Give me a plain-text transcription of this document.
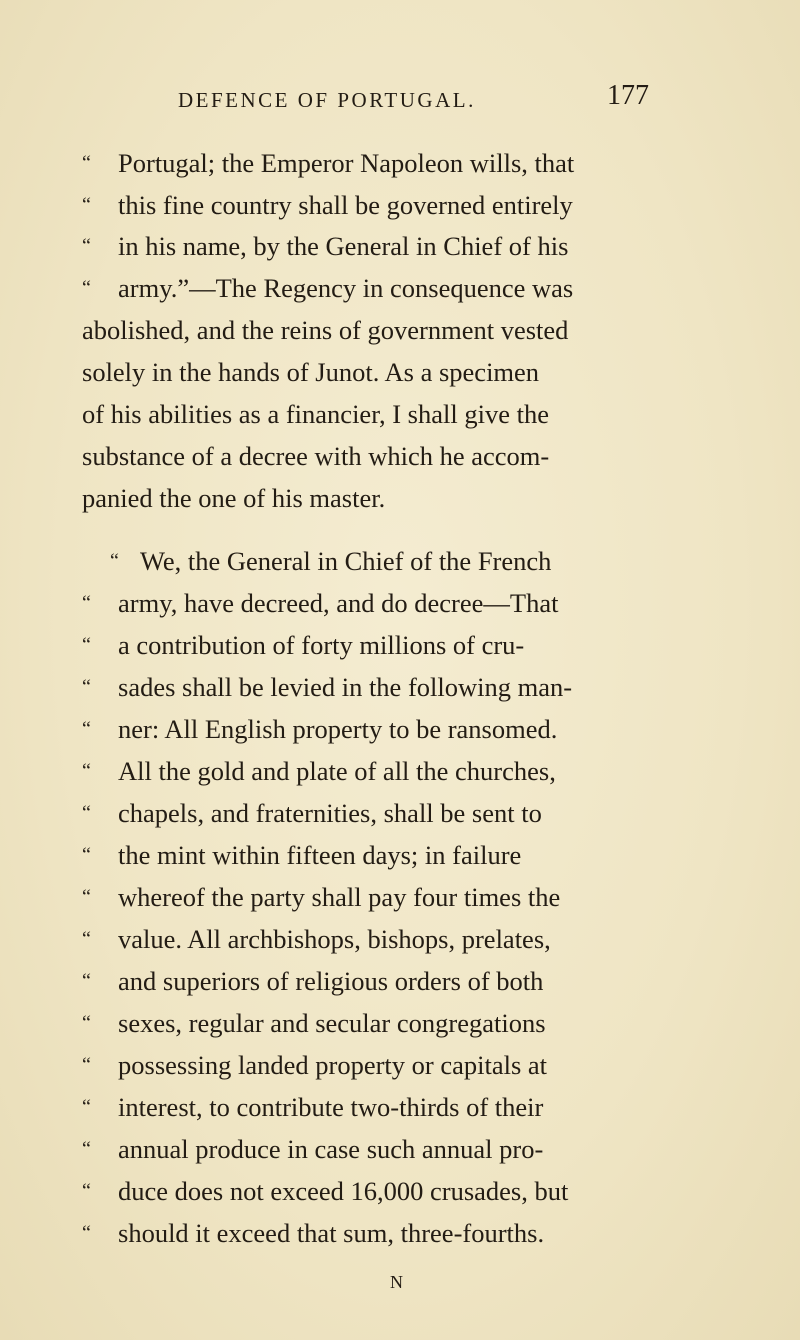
DEFENCE OF PORTUGAL.	177
“ Portugal; the Emperor Napoleon wills, that
“ this fine country shall be governed entirely
“ in his name, by the General in Chief of his
“ army.”—The Regency in consequence was
abolished, and the reins of government vested
solely in the hands of Junot. As a specimen
of his abilities as a financier, I shall give the
substance of a decree with which he accom-
panied the one of his master.
“ We, the General in Chief of the French
“ army, have decreed, and do decree—That
“ a contribution of forty millions of cru-
“ sades shall be levied in the following man-
“ ner: All English property to be ransomed.
“ All the gold and plate of all the churches,
“ chapels, and fraternities, shall be sent to
“ the mint within fifteen days; in failure
“ whereof the party shall pay four times the
“ value. All archbishops, bishops, prelates,
“ and superiors of religious orders of both
“ sexes, regular and secular congregations
“ possessing landed property or capitals at
“ interest, to contribute two-thirds of their
“ annual produce in case such annual pro-
“ duce does not exceed 16,000 crusades, but
“ should it exceed that sum, three-fourths.
N
